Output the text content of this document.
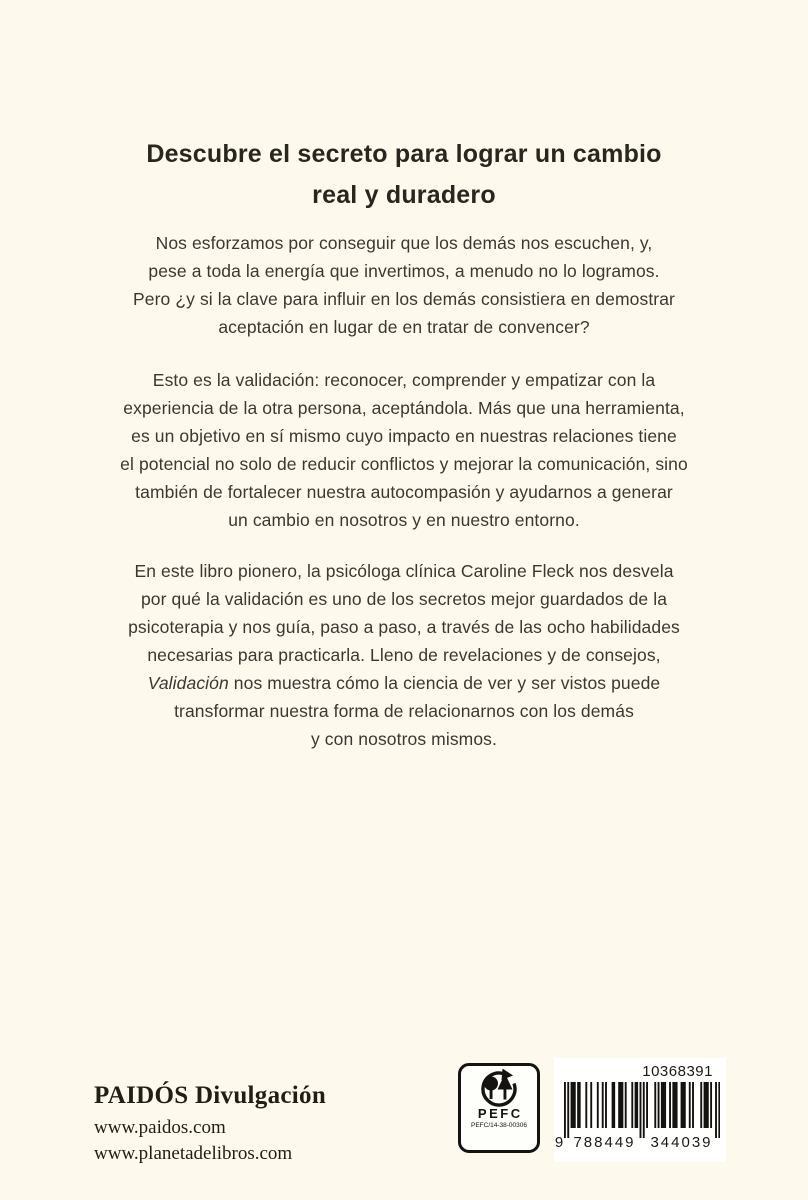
Descubre el secreto para lograr un cambio
real y duradero
Nos esforzamos por conseguir que los demás nos escuchen, y,
pese a toda la energía que invertimos, a menudo no lo logramos.
Pero ¿y si la clave para influir en los demás consistiera en demostrar
aceptación en lugar de en tratar de convencer?
Esto es la validación: reconocer, comprender y empatizar con la
experiencia de la otra persona, aceptándola. Más que una herramienta,
es un objetivo en sí mismo cuyo impacto en nuestras relaciones tiene
el potencial no solo de reducir conflictos y mejorar la comunicación, sino
también de fortalecer nuestra autocompasión y ayudarnos a generar
un cambio en nosotros y en nuestro entorno.
En este libro pionero, la psicóloga clínica Caroline Fleck nos desvela
por qué la validación es uno de los secretos mejor guardados de la
psicoterapia y nos guía, paso a paso, a través de las ocho habilidades
necesarias para practicarla. Lleno de revelaciones y de consejos,
Validación nos muestra cómo la ciencia de ver y ser vistos puede
transformar nuestra forma de relacionarnos con los demás
y con nosotros mismos.
PAIDÓS Divulgación
www.paidos.com
www.planetadelibros.com
PEFC
PEFC/14-38-00306
10368391
9 788449 344039
